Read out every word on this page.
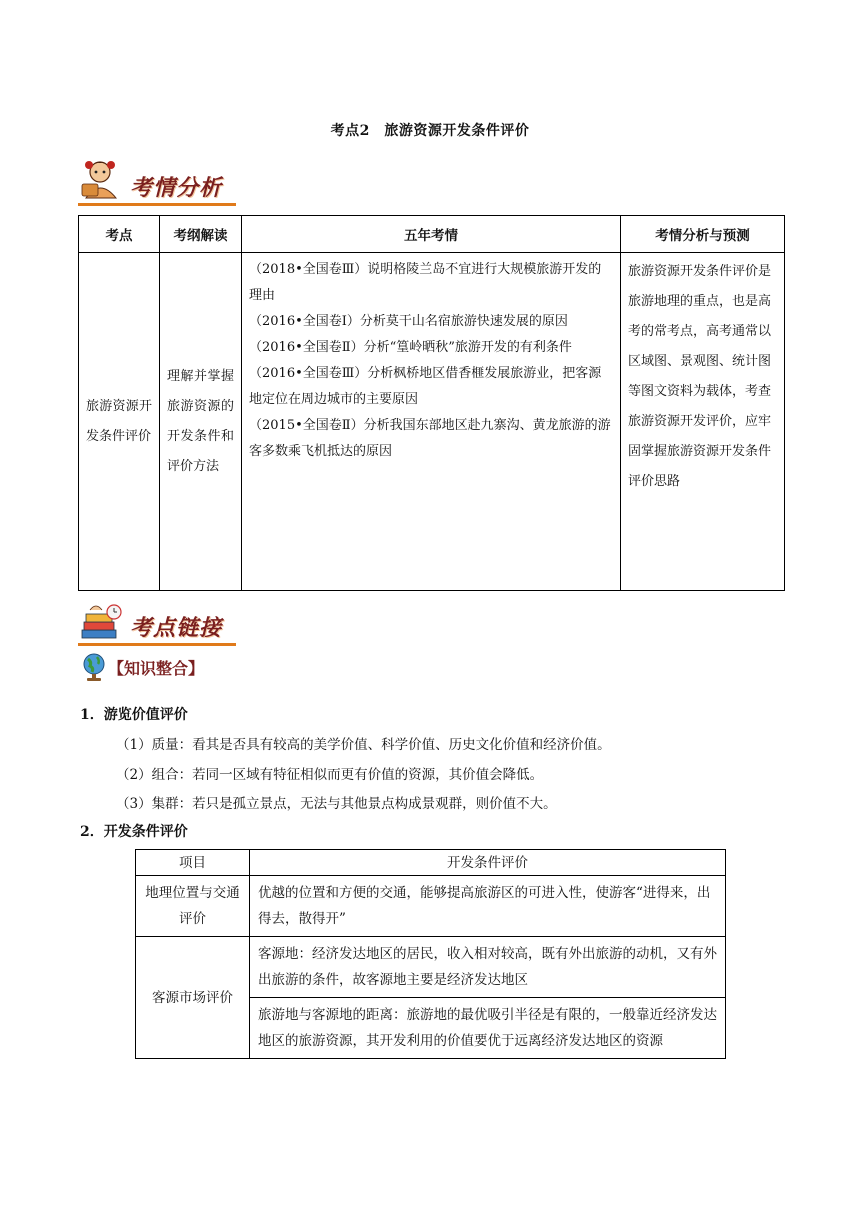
考点2　旅游资源开发条件评价
考情分析
考点	考纲解读	五年考情	考情分析与预测
旅游资源开发条件评价	理解并掌握旅游资源的开发条件和评价方法	（2018•全国卷Ⅲ）说明格陵兰岛不宜进行大规模旅游开发的理由
（2016•全国卷Ⅰ）分析莫干山名宿旅游快速发展的原因
（2016•全国卷Ⅱ）分析“篁岭晒秋”旅游开发的有利条件
（2016•全国卷Ⅲ）分析枫桥地区借香榧发展旅游业，把客源地定位在周边城市的主要原因
（2015•全国卷Ⅱ）分析我国东部地区赴九寨沟、黄龙旅游的游客多数乘飞机抵达的原因	旅游资源开发条件评价是旅游地理的重点，也是高考的常考点，高考通常以区域图、景观图、统计图等图文资料为载体，考查旅游资源开发评价，应牢固掌握旅游资源开发条件评价思路
考点链接
【知识整合】
1．游览价值评价
（1）质量：看其是否具有较高的美学价值、科学价值、历史文化价值和经济价值。
（2）组合：若同一区域有特征相似而更有价值的资源，其价值会降低。
（3）集群：若只是孤立景点，无法与其他景点构成景观群，则价值不大。
2．开发条件评价
项目	开发条件评价
地理位置与交通评价	优越的位置和方便的交通，能够提高旅游区的可进入性，使游客“进得来，出得去，散得开”
客源市场评价	客源地：经济发达地区的居民，收入相对较高，既有外出旅游的动机，又有外出旅游的条件，故客源地主要是经济发达地区
	旅游地与客源地的距离：旅游地的最优吸引半径是有限的，一般靠近经济发达地区的旅游资源，其开发利用的价值要优于远离经济发达地区的资源
